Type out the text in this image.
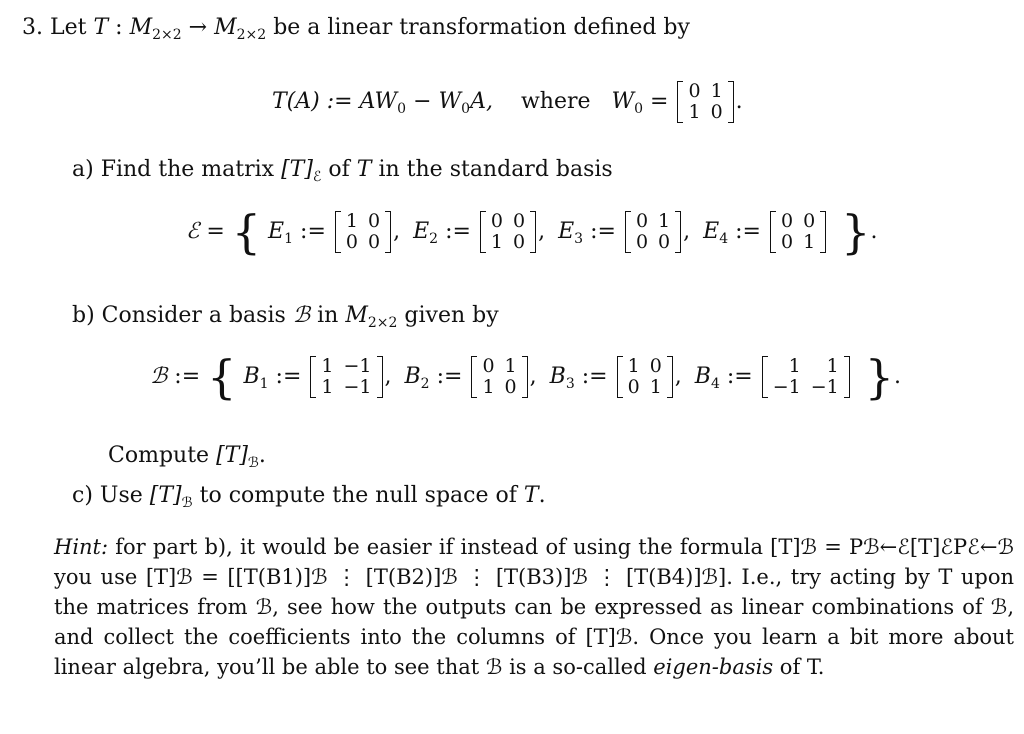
3. Let T : $M_{2\times 2} \to M_{2\times 2}$ be a linear transformation defined by
T(A) := $AW_0 - W_0A$, where $W_0 = 0$	1
1	0 .
a) Find the matrix $[T]_ℰ$ of T in the standard basis
ℰ = { $E_1$ := 1	0
0	0 , $E_2$ := 0	0
1	0 , $E_3$ := 0	1
0	0 , $E_4$ := 0	0
0	1 }.
b) Consider a basis ℬ in $M_{2\times 2}$ given by
ℬ := { $B_1$ := 1	−1
1	−1 , $B_2$ := 0	1
1	0 , $B_3$ := 1	0
0	1 , $B_4$ := 1	1
−1	−1 }.
Compute $[T]_ℬ$.
c) Use $[T]_ℬ$ to compute the null space of T.
Hint: for part b), it would be easier if instead of using the formula [T]ℬ = Pℬ←ℰ[T]ℰPℰ←ℬ you use [T]ℬ = [[T(B1)]ℬ ⋮ [T(B2)]ℬ ⋮ [T(B3)]ℬ ⋮ [T(B4)]ℬ]. I.e., try acting by T upon the matrices from ℬ, see how the outputs can be expressed as linear combinations of ℬ, and collect the coefficients into the columns of [T]ℬ. Once you learn a bit more about linear algebra, you’ll be able to see that ℬ is a so-called eigen-basis of T.
